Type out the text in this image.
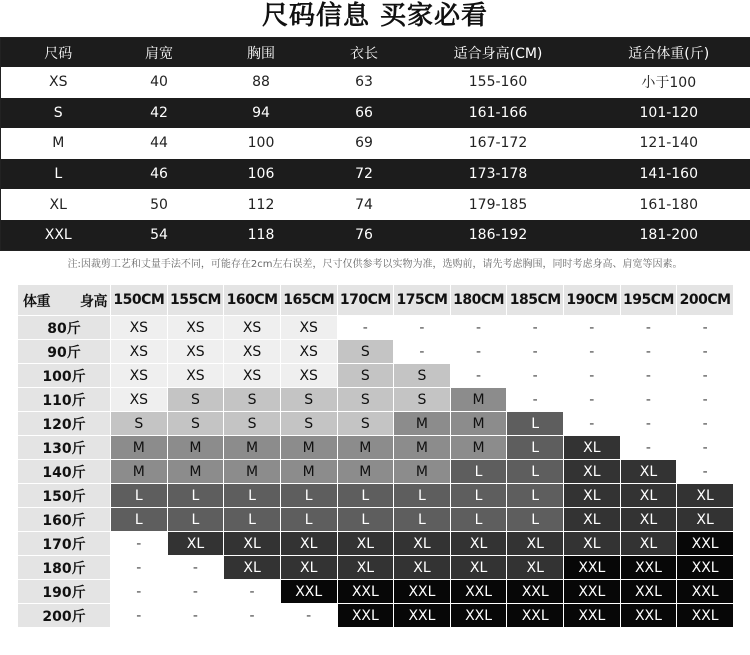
尺码信息 买家必看
尺码	肩宽	胸围	衣长	适合身高(CM)	适合体重(斤)
XS	40	88	63	155-160	小于100
S	42	94	66	161-166	101-120
M	44	100	69	167-172	121-140
L	46	106	72	173-178	141-160
XL	50	112	74	179-185	161-180
XXL	54	118	76	186-192	181-200
注:因裁剪工艺和丈量手法不同，可能存在2cm左右误差，尺寸仅供参考以实物为准，选购前，请先考虑胸围，同时考虑身高、肩宽等因素。
体重 身高	150CM	155CM	160CM	165CM	170CM	175CM	180CM	185CM	190CM	195CM	200CM
80斤	XS	XS	XS	XS	-	-	-	-	-	-	-
90斤	XS	XS	XS	XS	S	-	-	-	-	-	-
100斤	XS	XS	XS	XS	S	S	-	-	-	-	-
110斤	XS	S	S	S	S	S	M	-	-	-	-
120斤	S	S	S	S	S	M	M	L	-	-	-
130斤	M	M	M	M	M	M	M	L	XL	-	-
140斤	M	M	M	M	M	M	L	L	XL	XL	-
150斤	L	L	L	L	L	L	L	L	XL	XL	XL
160斤	L	L	L	L	L	L	L	L	XL	XL	XL
170斤	-	XL	XL	XL	XL	XL	XL	XL	XL	XL	XXL
180斤	-	-	XL	XL	XL	XL	XL	XL	XXL	XXL	XXL
190斤	-	-	-	XXL	XXL	XXL	XXL	XXL	XXL	XXL	XXL
200斤	-	-	-	-	XXL	XXL	XXL	XXL	XXL	XXL	XXL
